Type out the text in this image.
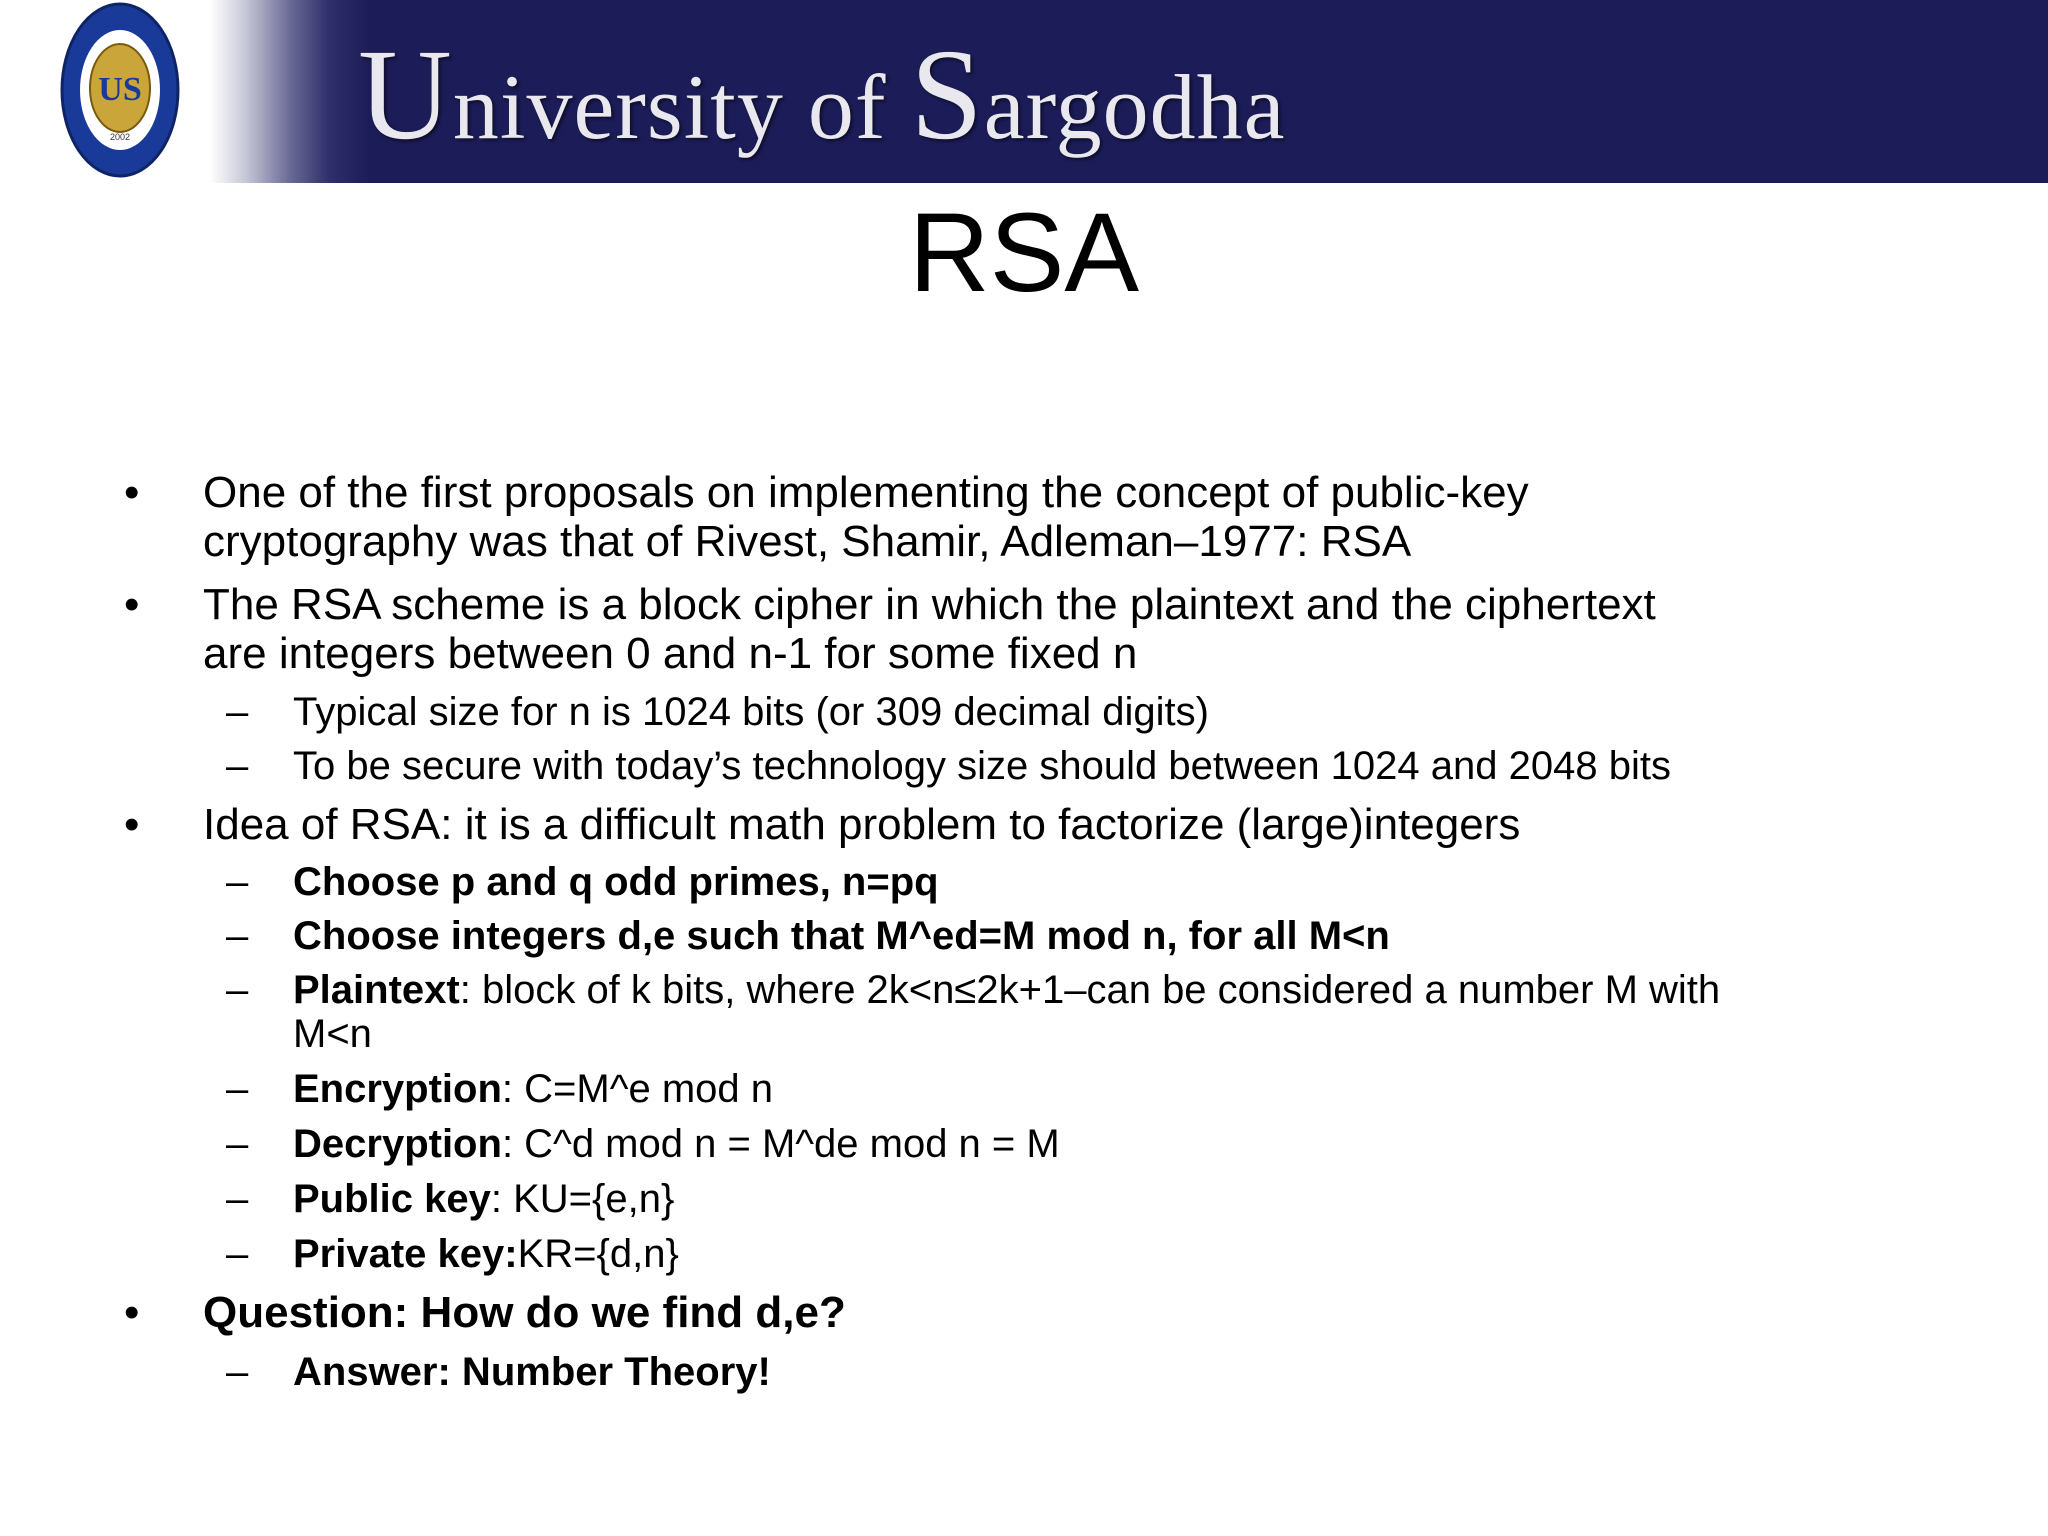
US
2002 University of Sargodha
RSA
• One of the first proposals on implementing the concept of public-key
cryptography was that of Rivest, Shamir, Adleman–1977: RSA
• The RSA scheme is a block cipher in which the plaintext and the ciphertext
are integers between 0 and n-1 for some fixed n
– Typical size for n is 1024 bits (or 309 decimal digits)
– To be secure with today’s technology size should between 1024 and 2048 bits
• Idea of RSA: it is a difficult math problem to factorize (large)integers
– Choose p and q odd primes, n=pq
– Choose integers d,e such that M^ed=M mod n, for all M<n
– Plaintext: block of k bits, where 2k<n≤2k+1–can be considered a number M with
M<n
– Encryption: C=M^e mod n
– Decryption: C^d mod n = M^de mod n = M
– Public key: KU={e,n}
– Private key:KR={d,n}
• Question: How do we find d,e?
– Answer: Number Theory!
